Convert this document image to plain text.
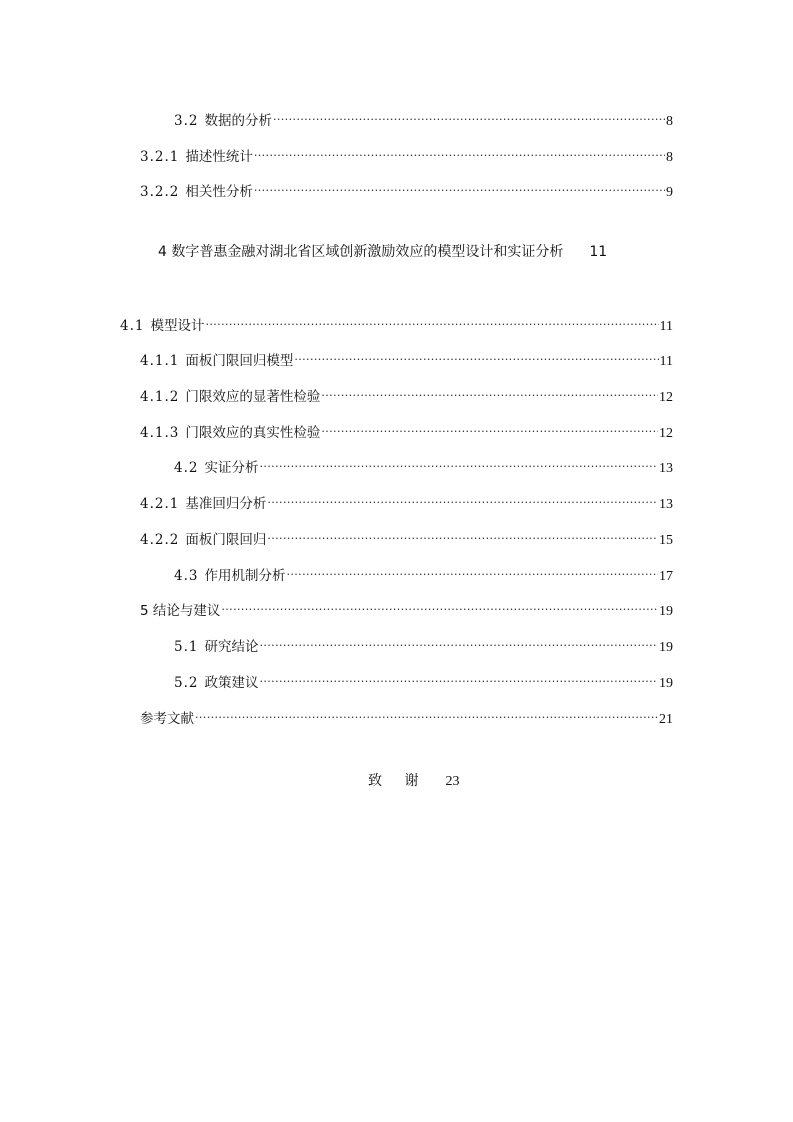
3.2 数据的分析 .....	8
3.2.1 描述性统计 .....	8
3.2.2 相关性分析 .....	9
4 数字普惠金融对湖北省区域创新激励效应的模型设计和实证分析 11
4.1 模型设计 .....	11
4.1.1 面板门限回归模型 .....	11
4.1.2 门限效应的显著性检验 .....	12
4.1.3 门限效应的真实性检验 .....	12
4.2 实证分析 .....	13
4.2.1 基准回归分析 .....	13
4.2.2 面板门限回归 .....	15
4.3 作用机制分析 .....	17
5 结论与建议 .....	19
5.1 研究结论 .....	19
5.2 政策建议 .....	19
参考文献 .....	21
致 谢 23
